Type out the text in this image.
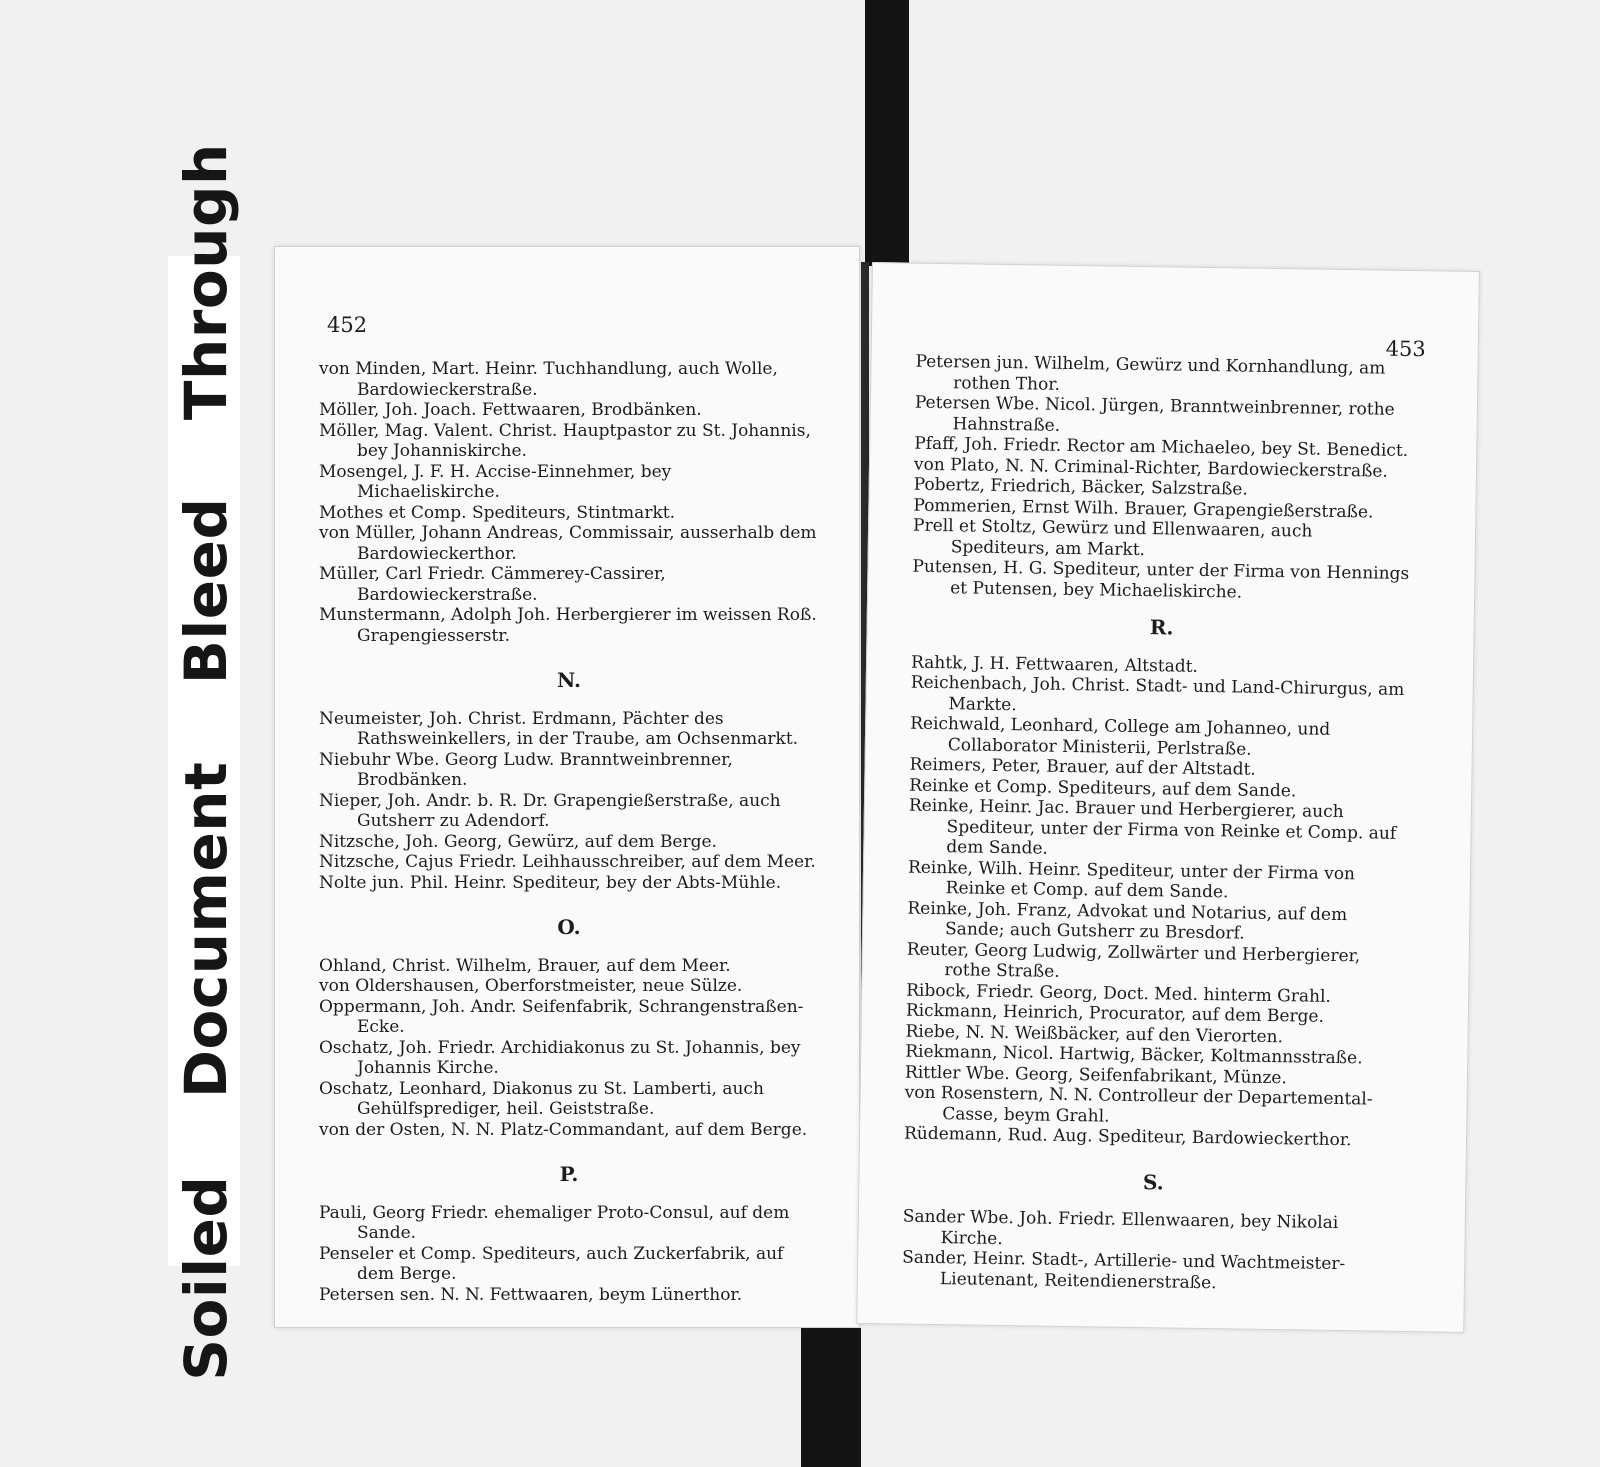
Soiled  Document  Bleed  Through	452

von Minden, Mart. Heinr. Tuchhandlung, auch Wolle, Bardowieckerstraße.

Möller, Joh. Joach. Fettwaaren, Brodbänken.

Möller, Mag. Valent. Christ. Hauptpastor zu St. Johannis, bey Johanniskirche.

Mosengel, J. F. H. Accise-Einnehmer, bey Michaeliskirche.

Mothes et Comp. Spediteurs, Stintmarkt.

von Müller, Johann Andreas, Commissair, ausserhalb dem Bardowieckerthor.

Müller, Carl Friedr. Cämmerey-Cassirer, Bardowieckerstraße.

Munstermann, Adolph Joh. Herbergierer im weissen Roß. Grapengiesserstr.

N.

Neumeister, Joh. Christ. Erdmann, Pächter des Rathsweinkellers, in der Traube, am Ochsenmarkt.

Niebuhr Wbe. Georg Ludw. Branntweinbrenner, Brodbänken.

Nieper, Joh. Andr. b. R. Dr. Grapengießerstraße, auch Gutsherr zu Adendorf.

Nitzsche, Joh. Georg, Gewürz, auf dem Berge.

Nitzsche, Cajus Friedr. Leihhausschreiber, auf dem Meer.

Nolte jun. Phil. Heinr. Spediteur, bey der Abts-Mühle.

O.

Ohland, Christ. Wilhelm, Brauer, auf dem Meer.

von Oldershausen, Oberforstmeister, neue Sülze.

Oppermann, Joh. Andr. Seifenfabrik, Schrangenstraßen-Ecke.

Oschatz, Joh. Friedr. Archidiakonus zu St. Johannis, bey Johannis Kirche.

Oschatz, Leonhard, Diakonus zu St. Lamberti, auch Gehülfsprediger, heil. Geiststraße.

von der Osten, N. N. Platz-Commandant, auf dem Berge.

P.

Pauli, Georg Friedr. ehemaliger Proto-Consul, auf dem Sande.

Penseler et Comp. Spediteurs, auch Zuckerfabrik, auf dem Berge.

Petersen sen. N. N. Fettwaaren, beym Lünerthor.

453

Petersen jun. Wilhelm, Gewürz und Kornhandlung, am rothen Thor.

Petersen Wbe. Nicol. Jürgen, Branntweinbrenner, rothe Hahnstraße.

Pfaff, Joh. Friedr. Rector am Michaeleo, bey St. Benedict.

von Plato, N. N. Criminal-Richter, Bardowieckerstraße.

Pobertz, Friedrich, Bäcker, Salzstraße.

Pommerien, Ernst Wilh. Brauer, Grapengießerstraße.

Prell et Stoltz, Gewürz und Ellenwaaren, auch Spediteurs, am Markt.

Putensen, H. G. Spediteur, unter der Firma von Hennings et Putensen, bey Michaeliskirche.

R.

Rahtk, J. H. Fettwaaren, Altstadt.

Reichenbach, Joh. Christ. Stadt- und Land-Chirurgus, am Markte.

Reichwald, Leonhard, College am Johanneo, und Collaborator Ministerii, Perlstraße.

Reimers, Peter, Brauer, auf der Altstadt.

Reinke et Comp. Spediteurs, auf dem Sande.

Reinke, Heinr. Jac. Brauer und Herbergierer, auch Spediteur, unter der Firma von Reinke et Comp. auf dem Sande.

Reinke, Wilh. Heinr. Spediteur, unter der Firma von Reinke et Comp. auf dem Sande.

Reinke, Joh. Franz, Advokat und Notarius, auf dem Sande; auch Gutsherr zu Bresdorf.

Reuter, Georg Ludwig, Zollwärter und Herbergierer, rothe Straße.

Ribock, Friedr. Georg, Doct. Med. hinterm Grahl.

Rickmann, Heinrich, Procurator, auf dem Berge.

Riebe, N. N. Weißbäcker, auf den Vierorten.

Riekmann, Nicol. Hartwig, Bäcker, Koltmannsstraße.

Rittler Wbe. Georg, Seifenfabrikant, Münze.

von Rosenstern, N. N. Controlleur der Departemental-Casse, beym Grahl.

Rüdemann, Rud. Aug. Spediteur, Bardowieckerthor.

S.

Sander Wbe. Joh. Friedr. Ellenwaaren, bey Nikolai Kirche.

Sander, Heinr. Stadt-, Artillerie- und Wachtmeister-Lieutenant, Reitendienerstraße.
